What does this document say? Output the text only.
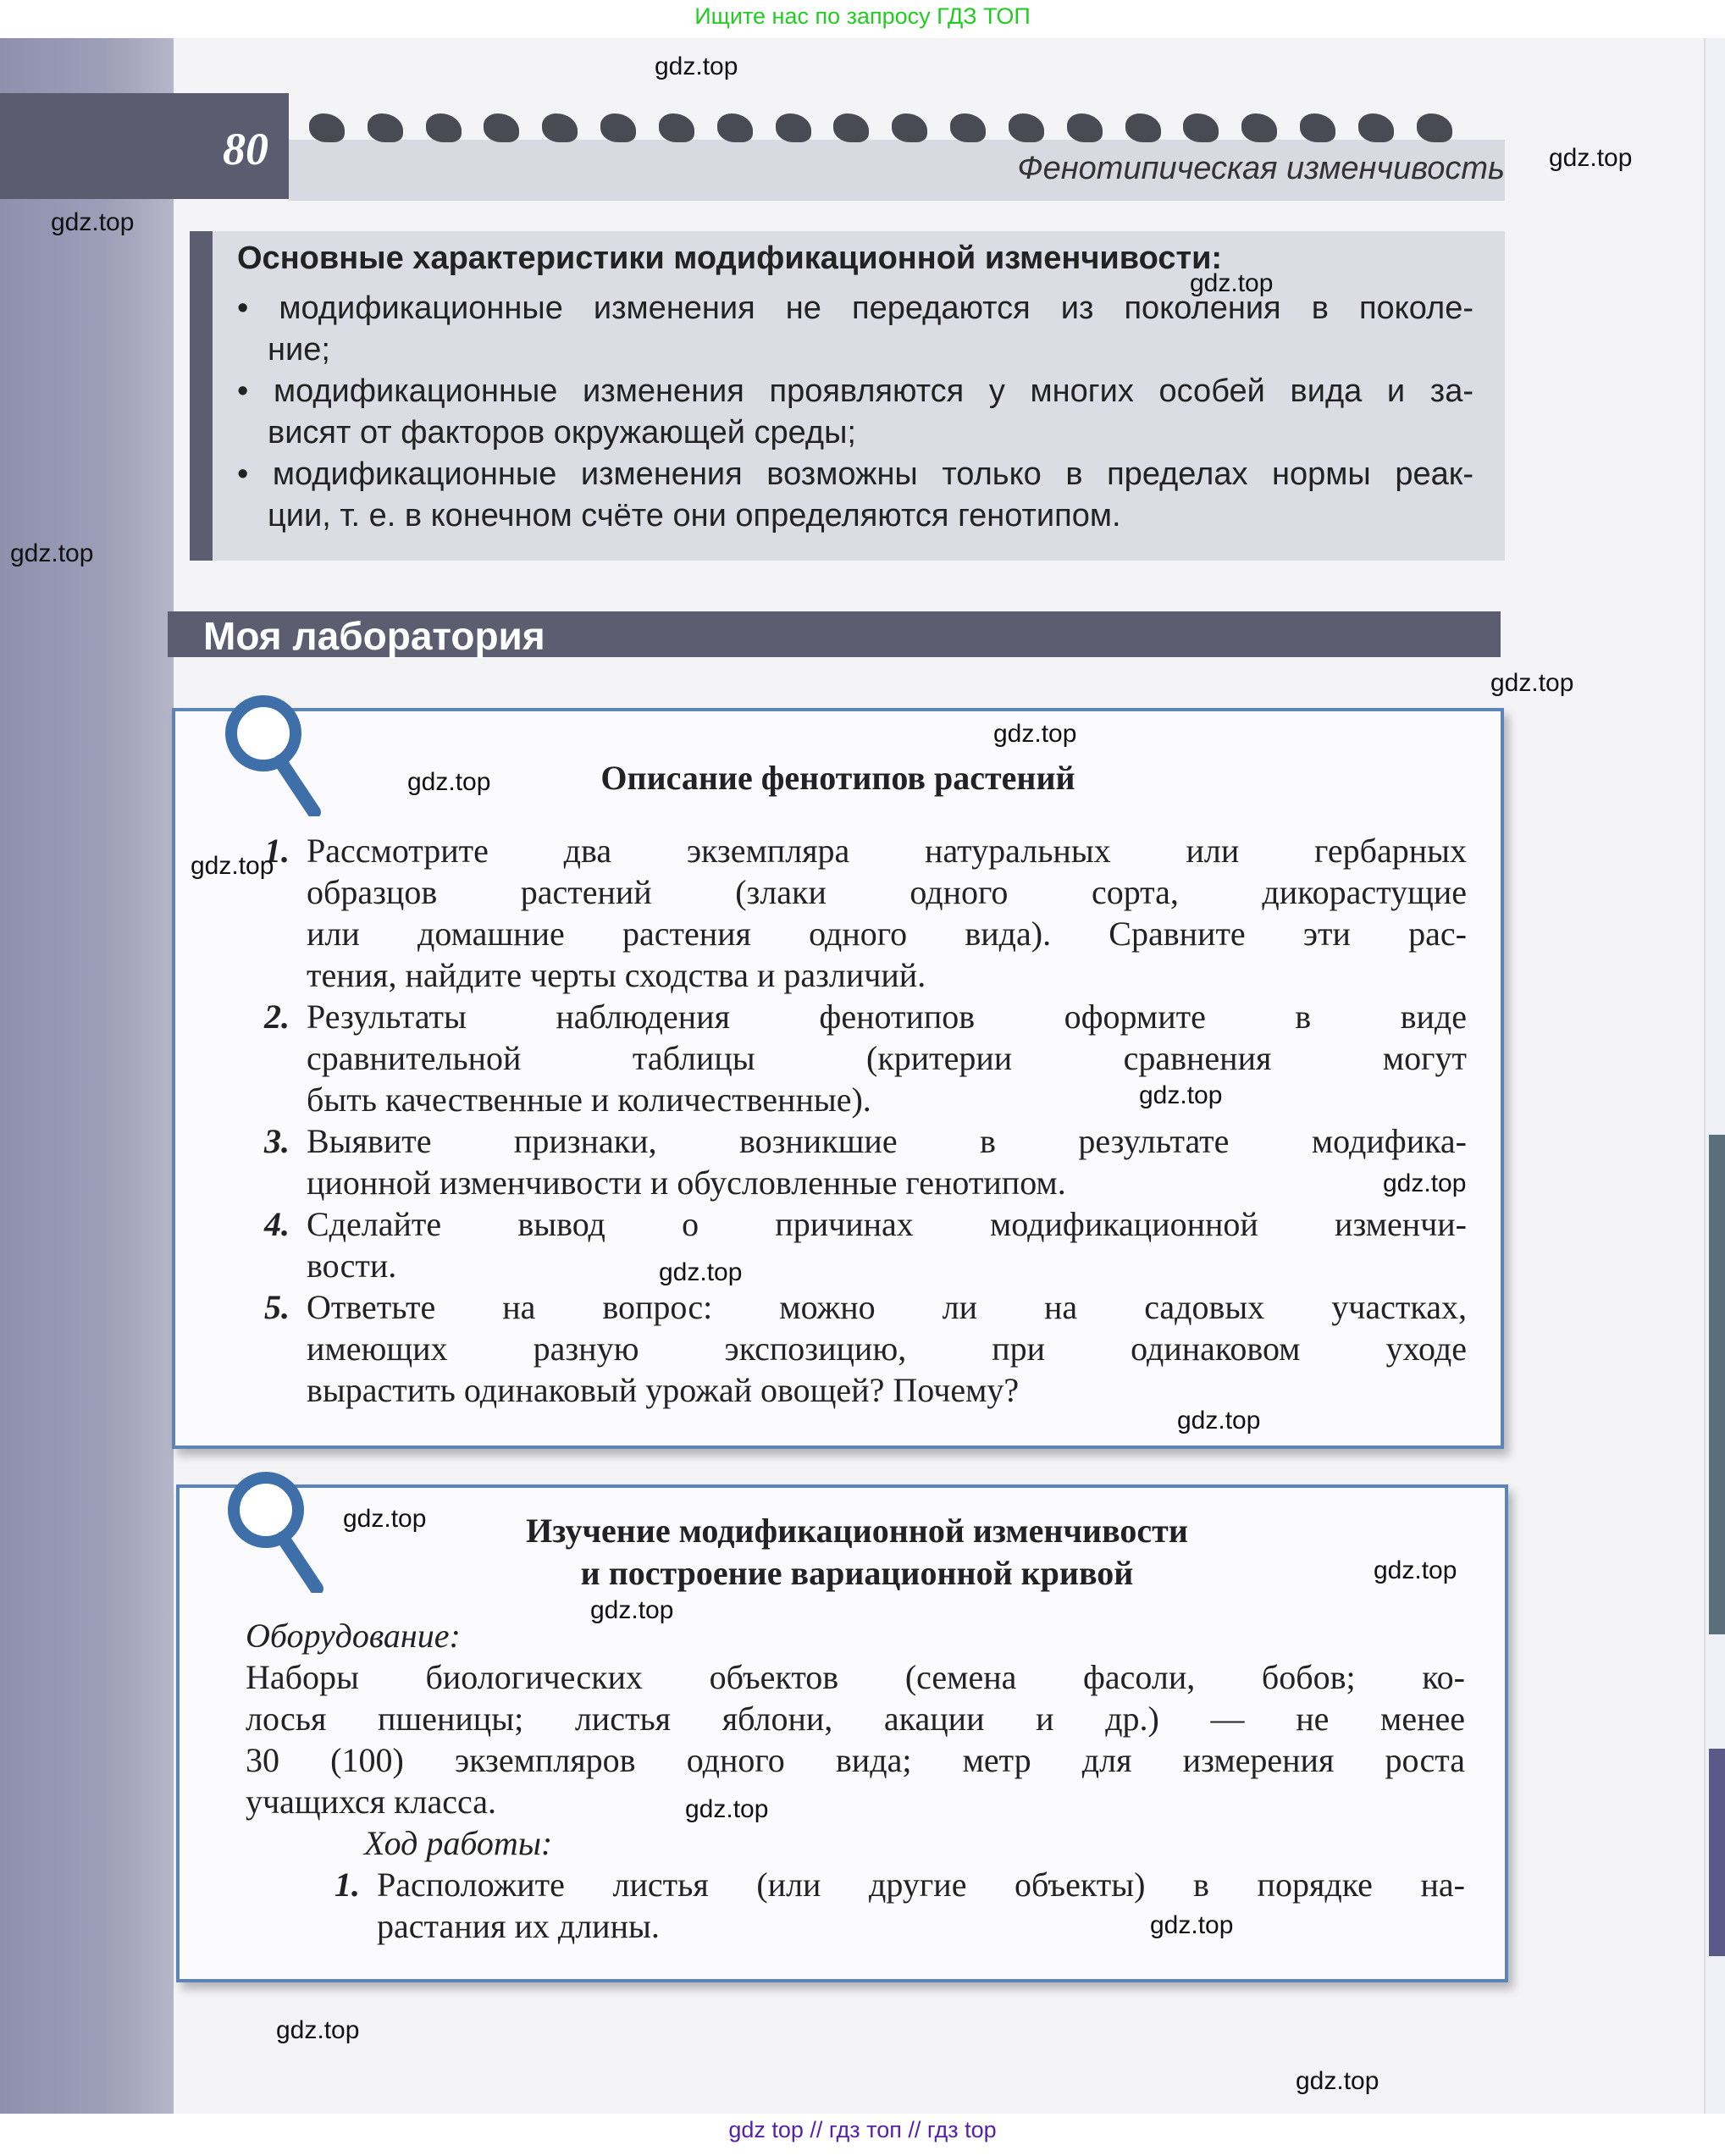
Ищите нас по запросу ГДЗ ТОП
80	Фенотипическая изменчивость
Основные характеристики модификационной изменчивости:
• модификационные изменения не передаются из поколения в поколе-
ние;
• модификационные изменения проявляются у многих особей вида и за-
висят от факторов окружающей среды;
• модификационные изменения возможны только в пределах нормы реак-
ции, т. е. в конечном счёте они определяются генотипом.
Моя лаборатория
Описание фенотипов растений
1. Рассмотрите два экземпляра натуральных или гербарных
образцов растений (злаки одного сорта, дикорастущие
или домашние растения одного вида). Сравните эти рас-
тения, найдите черты сходства и различий.
2. Результаты наблюдения фенотипов оформите в виде
сравнительной таблицы (критерии сравнения могут
быть качественные и количественные).
3. Выявите признаки, возникшие в результате модифика-
ционной изменчивости и обусловленные генотипом.
4. Сделайте вывод о причинах модификационной изменчи-
вости.
5. Ответьте на вопрос: можно ли на садовых участках,
имеющих разную экспозицию, при одинаковом уходе
вырастить одинаковый урожай овощей? Почему?
Изучение модификационной изменчивости
и построение вариационной кривой
Оборудование:
Наборы биологических объектов (семена фасоли, бобов; ко-
лосья пшеницы; листья яблони, акации и др.) — не менее
30 (100) экземпляров одного вида; метр для измерения роста
учащихся класса.
Ход работы:
1. Расположите листья (или другие объекты) в порядке на-
растания их длины.
gdz.top
gdz.top
gdz.top
gdz.top
gdz.top
gdz.top
gdz.top
gdz.top
gdz.top
gdz.top
gdz.top
gdz.top
gdz.top
gdz.top
gdz.top
gdz.top
gdz.top
gdz.top
gdz.top
gdz.top
gdz top // гдз топ // гдз top
